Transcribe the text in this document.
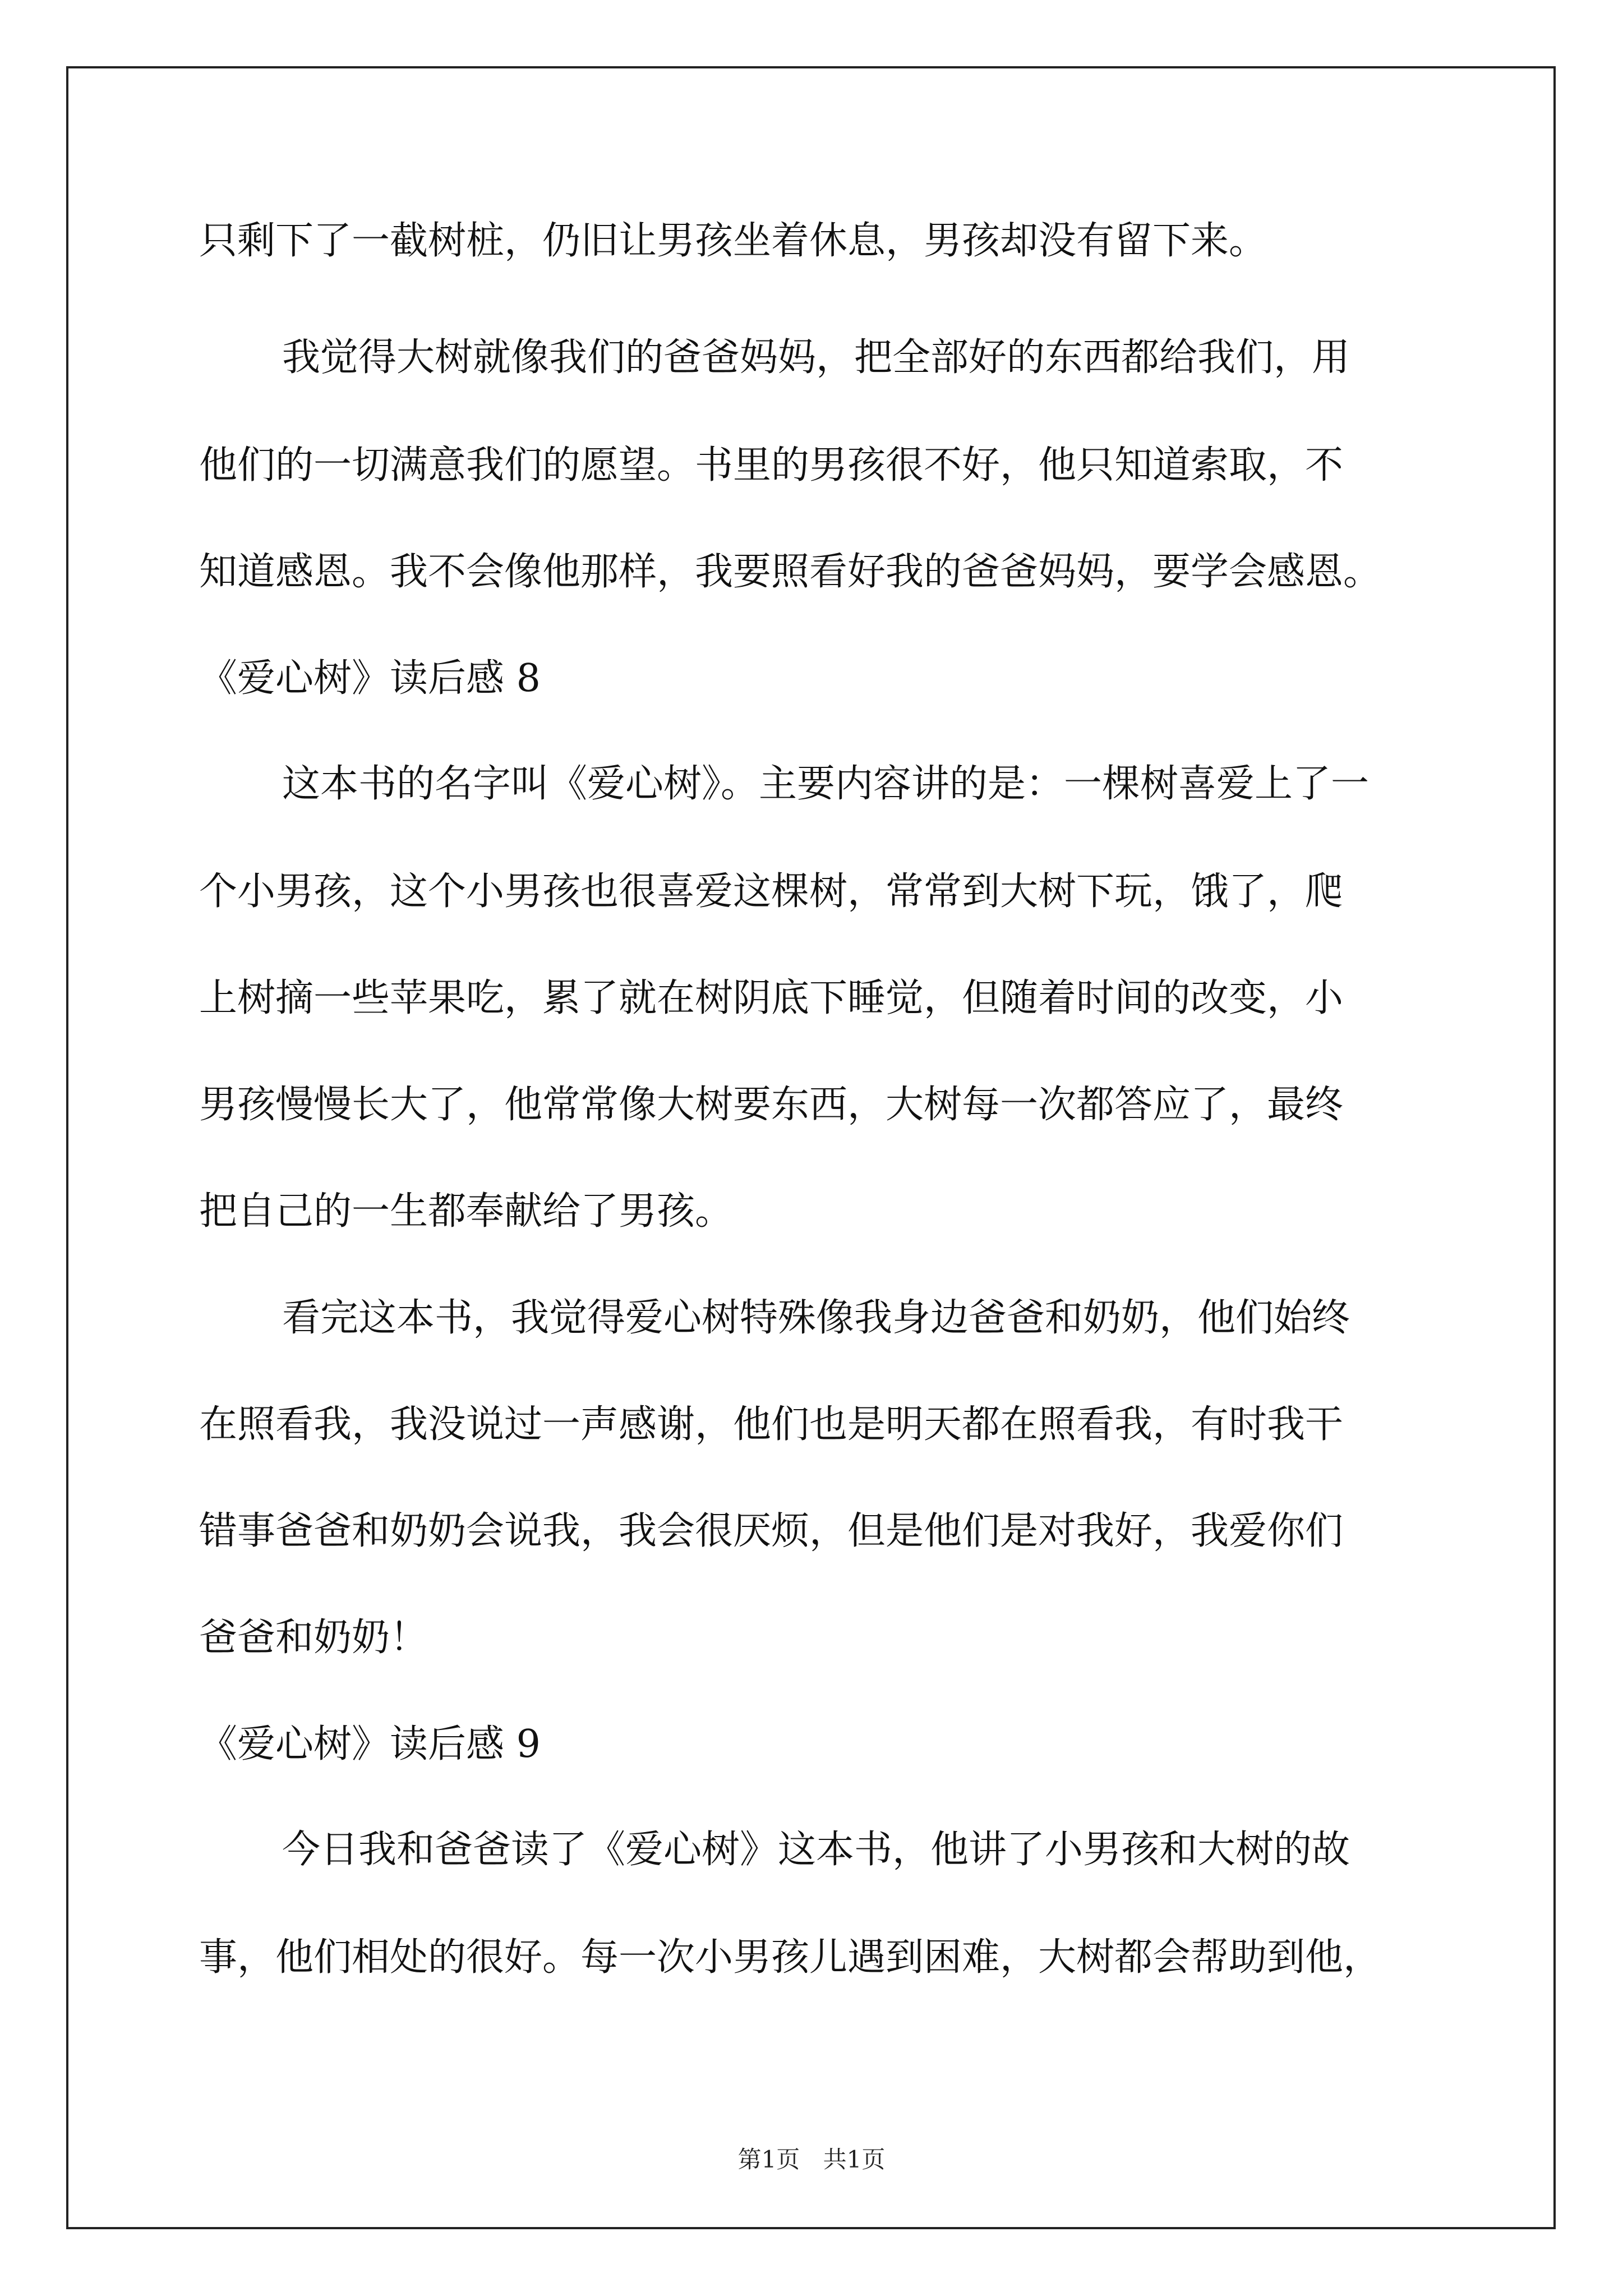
只剩下了一截树桩，仍旧让男孩坐着休息，男孩却没有留下来。
我觉得大树就像我们的爸爸妈妈，把全部好的东西都给我们，用
他们的一切满意我们的愿望。书里的男孩很不好，他只知道索取，不
知道感恩。我不会像他那样，我要照看好我的爸爸妈妈，要学会感恩。
《爱心树》读后感 8
这本书的名字叫《爱心树》。主要内容讲的是：一棵树喜爱上了一
个小男孩，这个小男孩也很喜爱这棵树，常常到大树下玩，饿了，爬
上树摘一些苹果吃，累了就在树阴底下睡觉，但随着时间的改变，小
男孩慢慢长大了，他常常像大树要东西，大树每一次都答应了，最终
把自己的一生都奉献给了男孩。
看完这本书，我觉得爱心树特殊像我身边爸爸和奶奶，他们始终
在照看我，我没说过一声感谢，他们也是明天都在照看我，有时我干
错事爸爸和奶奶会说我，我会很厌烦，但是他们是对我好，我爱你们
爸爸和奶奶！
《爱心树》读后感 9
今日我和爸爸读了《爱心树》这本书，他讲了小男孩和大树的故
事，他们相处的很好。每一次小男孩儿遇到困难，大树都会帮助到他，
第1页 共1页
